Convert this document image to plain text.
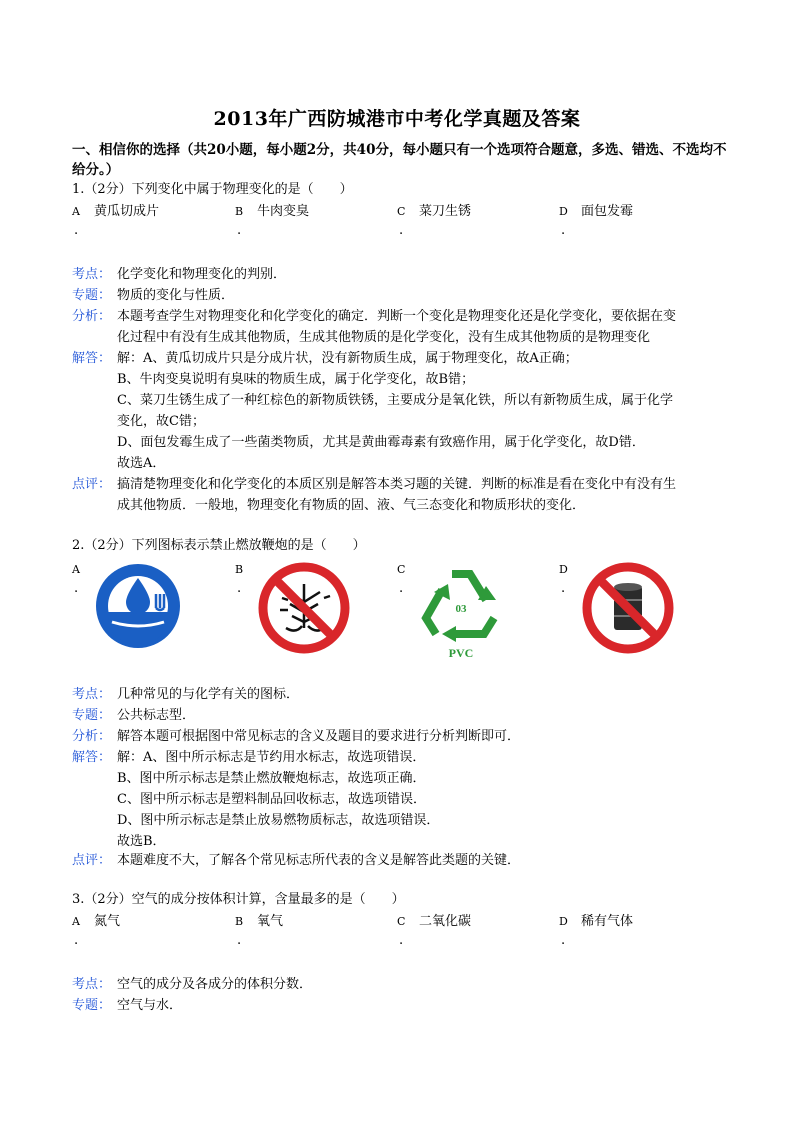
2013年广西防城港市中考化学真题及答案
一、相信你的选择（共20小题，每小题2分，共40分，每小题只有一个选项符合题意，多选、错选、不选均不给分。）
1.（2分）下列变化中属于物理变化的是（　　）
A 黄瓜切成片	B 牛肉变臭	C 菜刀生锈	D 面包发霉
.	.	.	.
考点： 化学变化和物理变化的判别．
专题： 物质的变化与性质．
分析： 本题考查学生对物理变化和化学变化的确定．判断一个变化是物理变化还是化学变化，要依据在变
化过程中有没有生成其他物质，生成其他物质的是化学变化，没有生成其他物质的是物理变化
解答： 解：A、黄瓜切成片只是分成片状，没有新物质生成，属于物理变化，故A正确；
B、牛肉变臭说明有臭味的物质生成，属于化学变化，故B错；
C、菜刀生锈生成了一种红棕色的新物质铁锈，主要成分是氧化铁，所以有新物质生成，属于化学
变化，故C错；
D、面包发霉生成了一些菌类物质，尤其是黄曲霉毒素有致癌作用，属于化学变化，故D错．
故选A．
点评： 搞清楚物理变化和化学变化的本质区别是解答本类习题的关键．判断的标准是看在变化中有没有生
成其他物质．一般地，物理变化有物质的固、液、气三态变化和物质形状的变化．
2.（2分）下列图标表示禁止燃放鞭炮的是（　　）
A	B	C	D
.	.	.	.
03
PVC
考点： 几种常见的与化学有关的图标．
专题： 公共标志型．
分析： 解答本题可根据图中常见标志的含义及题目的要求进行分析判断即可．
解答： 解：A、图中所示标志是节约用水标志，故选项错误．
B、图中所示标志是禁止燃放鞭炮标志，故选项正确．
C、图中所示标志是塑料制品回收标志，故选项错误．
D、图中所示标志是禁止放易燃物质标志，故选项错误．
故选B．
点评： 本题难度不大，了解各个常见标志所代表的含义是解答此类题的关键．
3.（2分）空气的成分按体积计算，含量最多的是（　　）
A 氮气	B 氧气	C 二氧化碳	D 稀有气体
.	.	.	.
考点： 空气的成分及各成分的体积分数．
专题： 空气与水．
